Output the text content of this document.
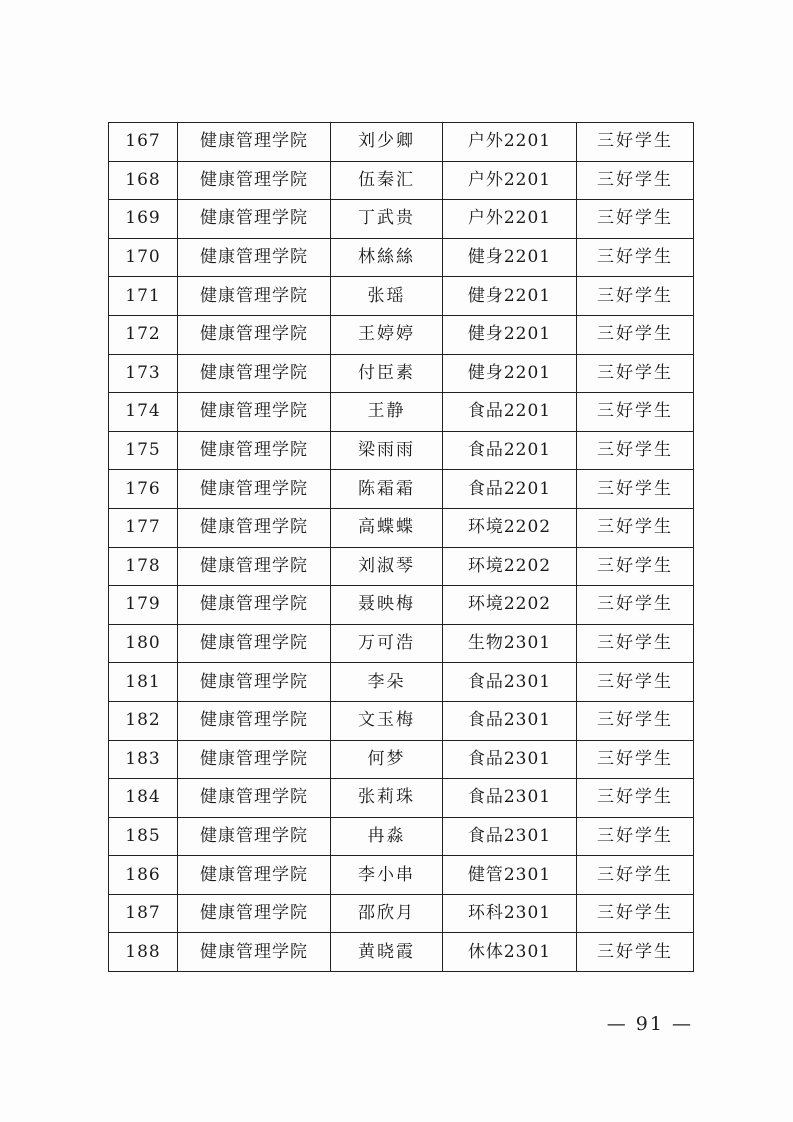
167	健康管理学院	刘少卿	户外2201	三好学生
168	健康管理学院	伍秦汇	户外2201	三好学生
169	健康管理学院	丁武贵	户外2201	三好学生
170	健康管理学院	林絲絲	健身2201	三好学生
171	健康管理学院	张瑶	健身2201	三好学生
172	健康管理学院	王婷婷	健身2201	三好学生
173	健康管理学院	付臣素	健身2201	三好学生
174	健康管理学院	王静	食品2201	三好学生
175	健康管理学院	梁雨雨	食品2201	三好学生
176	健康管理学院	陈霜霜	食品2201	三好学生
177	健康管理学院	高蝶蝶	环境2202	三好学生
178	健康管理学院	刘淑琴	环境2202	三好学生
179	健康管理学院	聂映梅	环境2202	三好学生
180	健康管理学院	万可浩	生物2301	三好学生
181	健康管理学院	李朵	食品2301	三好学生
182	健康管理学院	文玉梅	食品2301	三好学生
183	健康管理学院	何梦	食品2301	三好学生
184	健康管理学院	张莉珠	食品2301	三好学生
185	健康管理学院	冉淼	食品2301	三好学生
186	健康管理学院	李小串	健管2301	三好学生
187	健康管理学院	邵欣月	环科2301	三好学生
188	健康管理学院	黄晓霞	休体2301	三好学生
— 91 —
